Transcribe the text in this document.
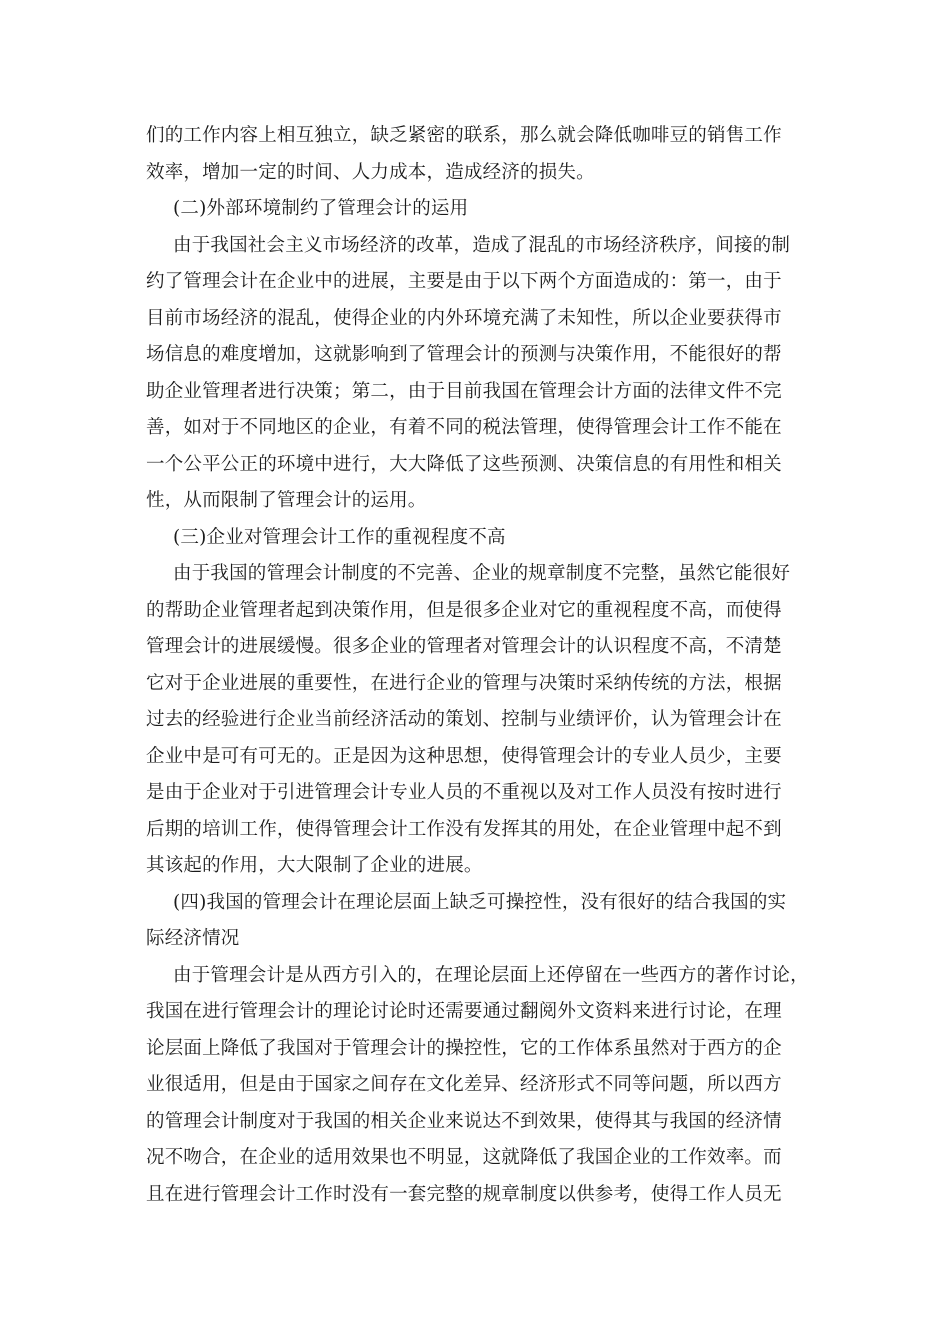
们的工作内容上相互独立，缺乏紧密的联系，那么就会降低咖啡豆的销售工作
效率，增加一定的时间、人力成本，造成经济的损失。
(二)外部环境制约了管理会计的运用
由于我国社会主义市场经济的改革，造成了混乱的市场经济秩序，间接的制
约了管理会计在企业中的进展，主要是由于以下两个方面造成的：第一，由于
目前市场经济的混乱，使得企业的内外环境充满了未知性，所以企业要获得市
场信息的难度增加，这就影响到了管理会计的预测与决策作用，不能很好的帮
助企业管理者进行决策；第二，由于目前我国在管理会计方面的法律文件不完
善，如对于不同地区的企业，有着不同的税法管理，使得管理会计工作不能在
一个公平公正的环境中进行，大大降低了这些预测、决策信息的有用性和相关
性，从而限制了管理会计的运用。
(三)企业对管理会计工作的重视程度不高
由于我国的管理会计制度的不完善、企业的规章制度不完整，虽然它能很好
的帮助企业管理者起到决策作用，但是很多企业对它的重视程度不高，而使得
管理会计的进展缓慢。很多企业的管理者对管理会计的认识程度不高，不清楚
它对于企业进展的重要性，在进行企业的管理与决策时采纳传统的方法，根据
过去的经验进行企业当前经济活动的策划、控制与业绩评价，认为管理会计在
企业中是可有可无的。正是因为这种思想，使得管理会计的专业人员少，主要
是由于企业对于引进管理会计专业人员的不重视以及对工作人员没有按时进行
后期的培训工作，使得管理会计工作没有发挥其的用处，在企业管理中起不到
其该起的作用，大大限制了企业的进展。
(四)我国的管理会计在理论层面上缺乏可操控性，没有很好的结合我国的实
际经济情况
由于管理会计是从西方引入的，在理论层面上还停留在一些西方的著作讨论，
我国在进行管理会计的理论讨论时还需要通过翻阅外文资料来进行讨论，在理
论层面上降低了我国对于管理会计的操控性，它的工作体系虽然对于西方的企
业很适用，但是由于国家之间存在文化差异、经济形式不同等问题，所以西方
的管理会计制度对于我国的相关企业来说达不到效果，使得其与我国的经济情
况不吻合，在企业的适用效果也不明显，这就降低了我国企业的工作效率。而
且在进行管理会计工作时没有一套完整的规章制度以供参考，使得工作人员无
